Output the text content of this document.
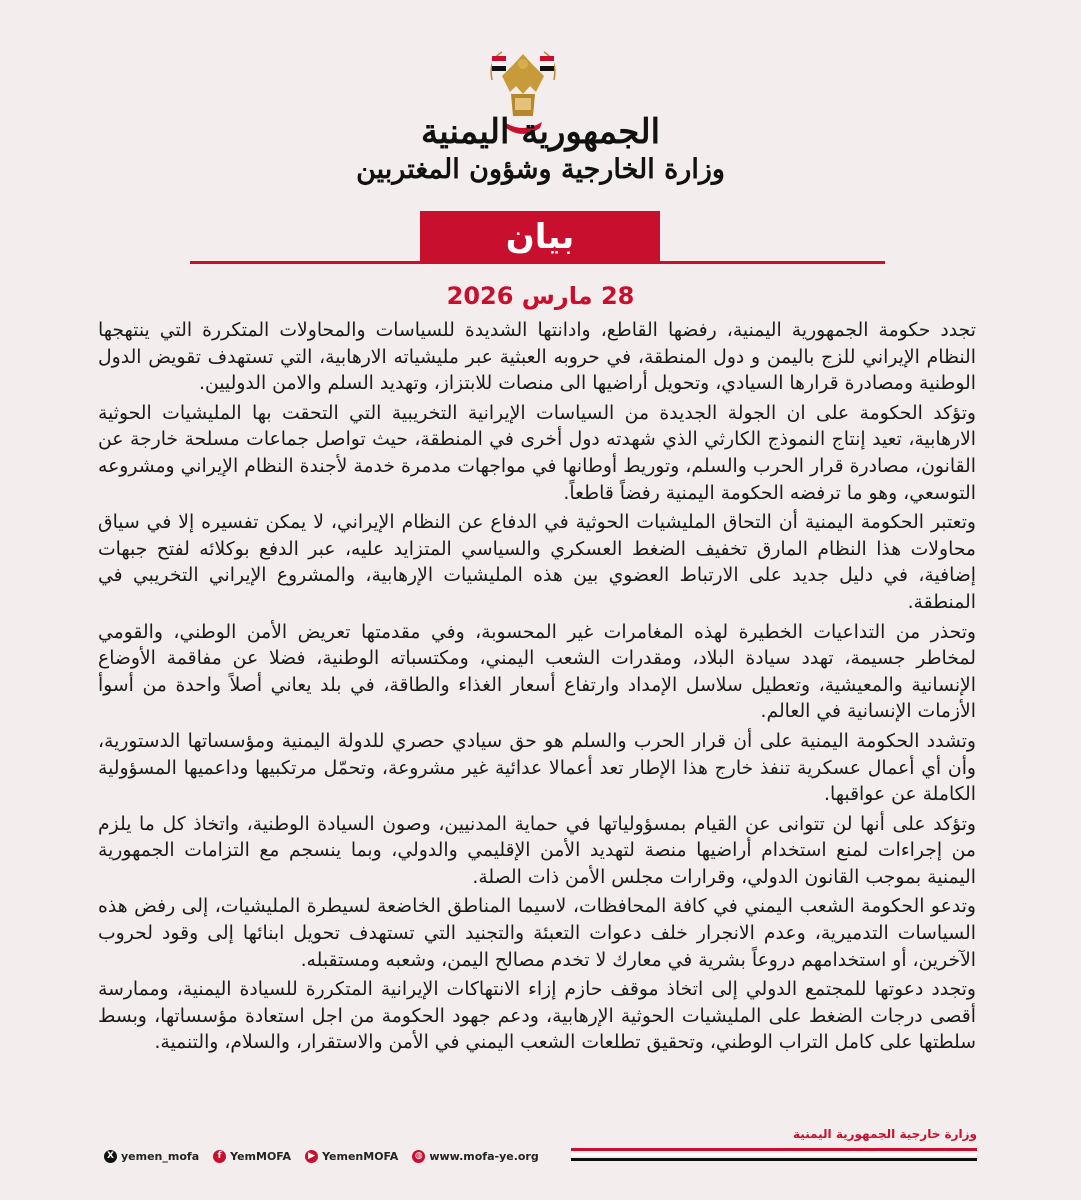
الجمهورية اليمنية
وزارة الخارجية وشؤون المغتربين
بيان
28 مارس 2026

تجدد حكومة الجمهورية اليمنية، رفضها القاطع، وادانتها الشديدة للسياسات والمحاولات المتكررة التي ينتهجها النظام الإيراني للزج باليمن و دول المنطقة، في حروبه العبثية عبر مليشياته الارهابية، التي تستهدف تقويض الدول الوطنية ومصادرة قرارها السيادي، وتحويل أراضيها الى منصات للابتزاز، وتهديد السلم والامن الدوليين.

وتؤكد الحكومة على ان الجولة الجديدة من السياسات الإيرانية التخريبية التي التحقت بها المليشيات الحوثية الارهابية، تعيد إنتاج النموذج الكارثي الذي شهدته دول أخرى في المنطقة، حيث تواصل جماعات مسلحة خارجة عن القانون، مصادرة قرار الحرب والسلم، وتوريط أوطانها في مواجهات مدمرة خدمة لأجندة النظام الإيراني ومشروعه التوسعي، وهو ما ترفضه الحكومة اليمنية رفضاً قاطعاً.

وتعتبر الحكومة اليمنية أن التحاق المليشيات الحوثية في الدفاع عن النظام الإيراني، لا يمكن تفسيره إلا في سياق محاولات هذا النظام المارق تخفيف الضغط العسكري والسياسي المتزايد عليه، عبر الدفع بوكلائه لفتح جبهات إضافية، في دليل جديد على الارتباط العضوي بين هذه المليشيات الإرهابية، والمشروع الإيراني التخريبي في المنطقة.

وتحذر من التداعيات الخطيرة لهذه المغامرات غير المحسوبة، وفي مقدمتها تعريض الأمن الوطني، والقومي لمخاطر جسيمة، تهدد سيادة البلاد، ومقدرات الشعب اليمني، ومكتسباته الوطنية، فضلا عن مفاقمة الأوضاع الإنسانية والمعيشية، وتعطيل سلاسل الإمداد وارتفاع أسعار الغذاء والطاقة، في بلد يعاني أصلاً واحدة من أسوأ الأزمات الإنسانية في العالم.

وتشدد الحكومة اليمنية على أن قرار الحرب والسلم هو حق سيادي حصري للدولة اليمنية ومؤسساتها الدستورية، وأن أي أعمال عسكرية تنفذ خارج هذا الإطار تعد أعمالا عدائية غير مشروعة، وتحمّل مرتكبيها وداعميها المسؤولية الكاملة عن عواقبها.

وتؤكد على أنها لن تتوانى عن القيام بمسؤولياتها في حماية المدنيين، وصون السيادة الوطنية، واتخاذ كل ما يلزم من إجراءات لمنع استخدام أراضيها منصة لتهديد الأمن الإقليمي والدولي، وبما ينسجم مع التزامات الجمهورية اليمنية بموجب القانون الدولي، وقرارات مجلس الأمن ذات الصلة.

وتدعو الحكومة الشعب اليمني في كافة المحافظات، لاسيما المناطق الخاضعة لسيطرة المليشيات، إلى رفض هذه السياسات التدميرية، وعدم الانجرار خلف دعوات التعبئة والتجنيد التي تستهدف تحويل ابنائها إلى وقود لحروب الآخرين، أو استخدامهم دروعاً بشرية في معارك لا تخدم مصالح اليمن، وشعبه ومستقبله.

وتجدد دعوتها للمجتمع الدولي إلى اتخاذ موقف حازم إزاء الانتهاكات الإيرانية المتكررة للسيادة اليمنية، وممارسة أقصى درجات الضغط على المليشيات الحوثية الإرهابية، ودعم جهود الحكومة من اجل استعادة مؤسساتها، وبسط سلطتها على كامل التراب الوطني، وتحقيق تطلعات الشعب اليمني في الأمن والاستقرار، والسلام، والتنمية.

وزارة خارجية الجمهورية اليمنية
X yemen_mofa	f YemMOFA	▶ YemenMOFA ◍ www.mofa-ye.org
